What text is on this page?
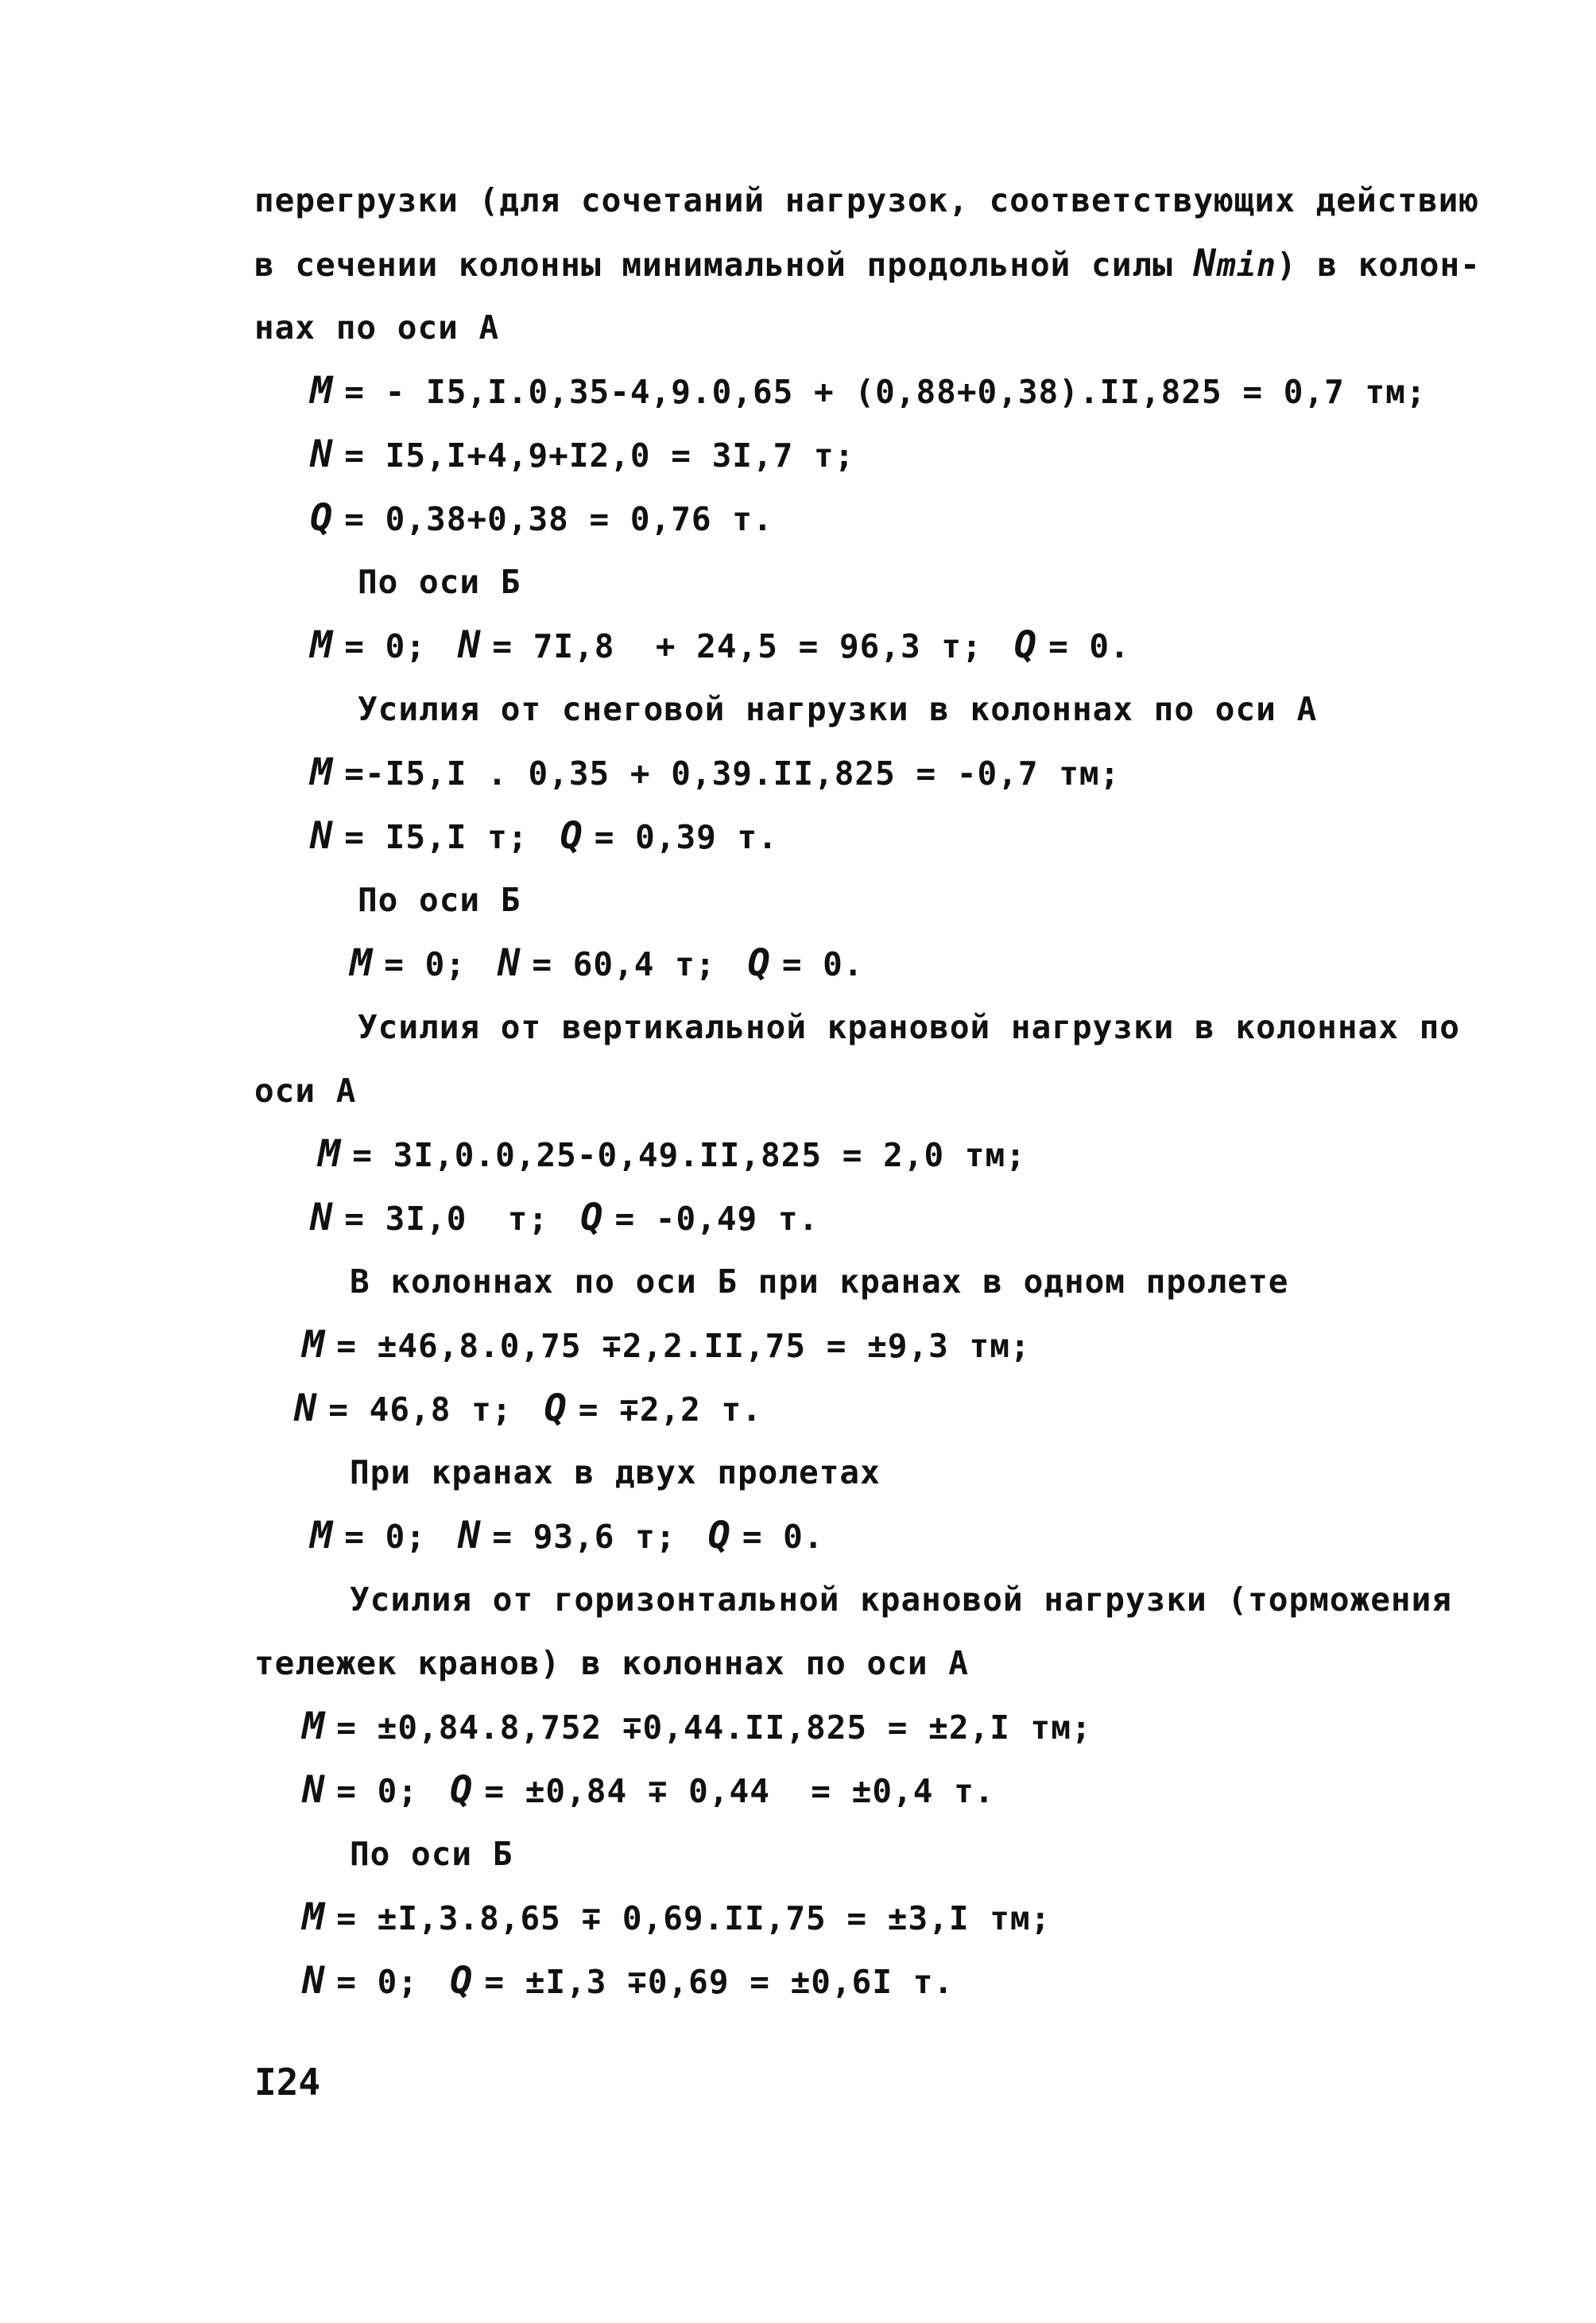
перегрузки (для сочетаний нагрузок, соответствующих действию
в сечении колонны минимальной продольной силы Nmin) в колон-
нах по оси А
M = - I5,I.0,35-4,9.0,65 + (0,88+0,38).II,825 = 0,7 тм;
N = I5,I+4,9+I2,0 = 3I,7 т;
Q = 0,38+0,38 = 0,76 т.
По оси Б
M = 0; N = 7I,8  + 24,5 = 96,3 т; Q = 0.
Усилия от снеговой нагрузки в колоннах по оси А
M =-I5,I . 0,35 + 0,39.II,825 = -0,7 тм;
N = I5,I т; Q = 0,39 т.
По оси Б
M = 0; N = 60,4 т; Q = 0.
Усилия от вертикальной крановой нагрузки в колоннах по
оси А
M = 3I,0.0,25-0,49.II,825 = 2,0 тм;
N = 3I,0  т; Q = -0,49 т.
В колоннах по оси Б при кранах в одном пролете
M = ±46,8.0,75 ∓2,2.II,75 = ±9,3 тм;
N = 46,8 т; Q = ∓2,2 т.
При кранах в двух пролетах
M = 0; N = 93,6 т; Q = 0.
Усилия от горизонтальной крановой нагрузки (торможения
тележек кранов) в колоннах по оси А
M = ±0,84.8,752 ∓0,44.II,825 = ±2,I тм;
N = 0; Q = ±0,84 ∓ 0,44  = ±0,4 т.
По оси Б
M = ±I,3.8,65 ∓ 0,69.II,75 = ±3,I тм;
N = 0; Q = ±I,3 ∓0,69 = ±0,6I т.
I24
